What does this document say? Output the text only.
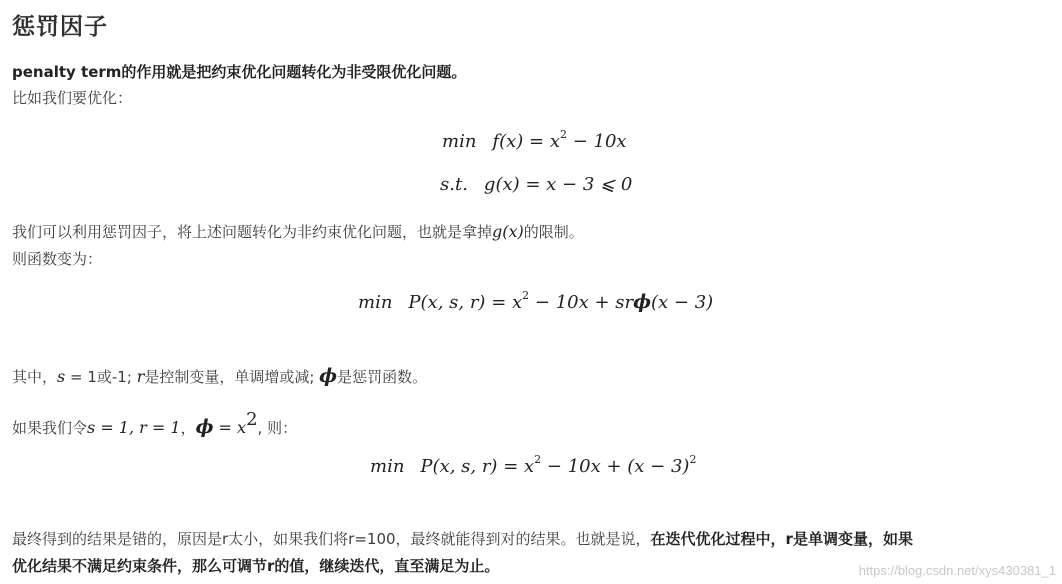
惩罚因子
penalty term的作用就是把约束优化问题转化为非受限优化问题。
比如我们要优化：
$\min f(x) = x^2 - 10x$
s.t. g(x) = x − 3 ⩽ 0
我们可以利用惩罚因子，将上述问题转化为非约束优化问题，也就是拿掉g(x)的限制。
则函数变为：
min P(x, s, $r) = x^2 - 10x + sr\phi(x - 3)$
其中，s = 1或-1; r是控制变量，单调增或减; ϕ是惩罚函数。
如果我们令s = 1, r = 1，$\phi = x^2$, 则：
min P(x, s, $r) = x^2 - 10x + (x - 3)^2$
最终得到的结果是错的，原因是r太小，如果我们将r=100，最终就能得到对的结果。也就是说，在迭代优化过程中，r是单调变量，如果
优化结果不满足约束条件，那么可调节r的值，继续迭代，直至满足为止。	https://blog.csdn.net/xys430381_1
